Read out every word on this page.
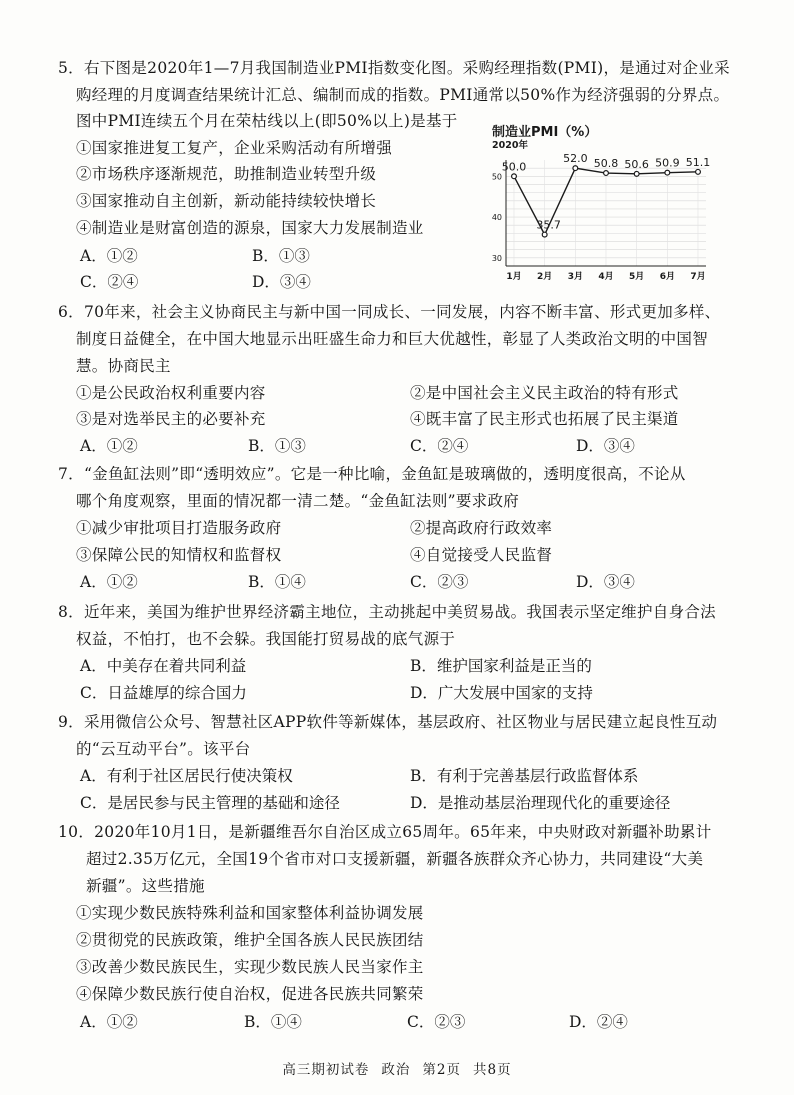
5．右下图是2020年1—7月我国制造业PMI指数变化图。采购经理指数(PMI)，是通过对企业采
购经理的月度调查结果统计汇总、编制而成的指数。PMI通常以50%作为经济强弱的分界点。
图中PMI连续五个月在荣枯线以上(即50%以上)是基于
①国家推进复工复产，企业采购活动有所增强
②市场秩序逐渐规范，助推制造业转型升级
③国家推动自主创新，新动能持续较快增长
④制造业是财富创造的源泉，国家大力发展制造业
A．①②	B．①③
C．②④	D．③④
制造业PMI（%）
2020年
50
40
30
1月 2月 3月 4月 5月 6月 7月
50.0
35.7
52.0 50.8 50.6 50.9 51.1
6．70年来，社会主义协商民主与新中国一同成长、一同发展，内容不断丰富、形式更加多样、
制度日益健全，在中国大地显示出旺盛生命力和巨大优越性，彰显了人类政治文明的中国智
慧。协商民主
①是公民政治权利重要内容	②是中国社会主义民主政治的特有形式
③是对选举民主的必要补充	④既丰富了民主形式也拓展了民主渠道
A．①②	B．①③	C．②④	D．③④
7．“金鱼缸法则”即“透明效应”。它是一种比喻，金鱼缸是玻璃做的，透明度很高，不论从
哪个角度观察，里面的情况都一清二楚。“金鱼缸法则”要求政府
①减少审批项目打造服务政府	②提高政府行政效率
③保障公民的知情权和监督权	④自觉接受人民监督
A．①②	B．①④	C．②③	D．③④
8．近年来，美国为维护世界经济霸主地位，主动挑起中美贸易战。我国表示坚定维护自身合法
权益，不怕打，也不会躲。我国能打贸易战的底气源于
A．中美存在着共同利益	B．维护国家利益是正当的
C．日益雄厚的综合国力	D．广大发展中国家的支持
9．采用微信公众号、智慧社区APP软件等新媒体，基层政府、社区物业与居民建立起良性互动
的“云互动平台”。该平台
A．有利于社区居民行使决策权	B．有利于完善基层行政监督体系
C．是居民参与民主管理的基础和途径	D．是推动基层治理现代化的重要途径
10．2020年10月1日，是新疆维吾尔自治区成立65周年。65年来，中央财政对新疆补助累计
超过2.35万亿元，全国19个省市对口支援新疆，新疆各族群众齐心协力，共同建设“大美
新疆”。这些措施
①实现少数民族特殊利益和国家整体利益协调发展
②贯彻党的民族政策，维护全国各族人民民族团结
③改善少数民族民生，实现少数民族人民当家作主
④保障少数民族行使自治权，促进各民族共同繁荣
A．①②	B．①④	C．②③	D．②④
高三期初试卷 政治 第2页 共8页
